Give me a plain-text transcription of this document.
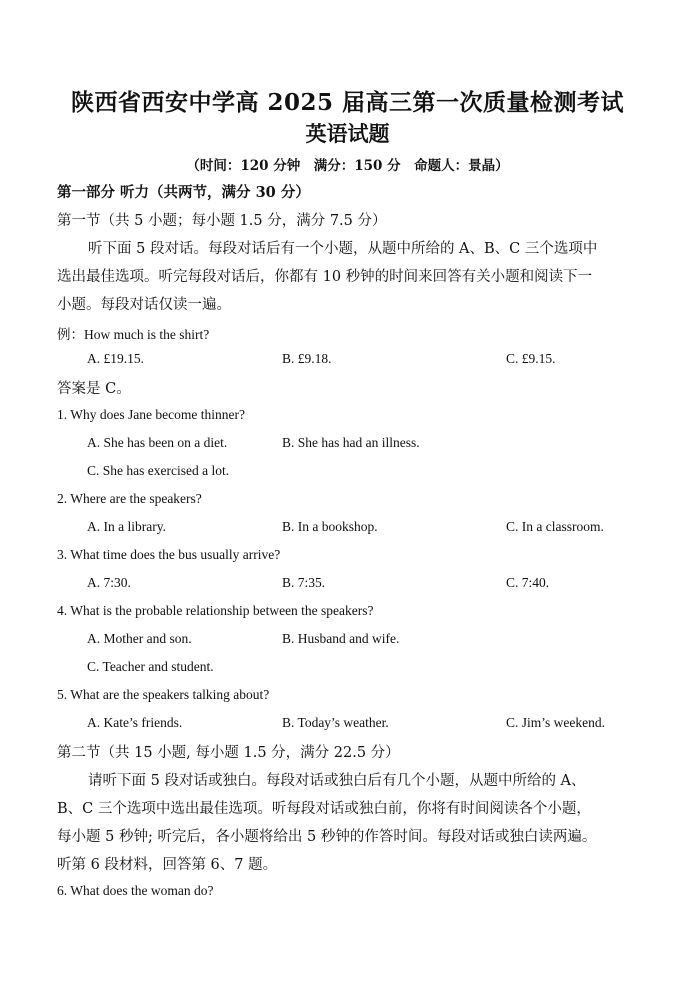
陕西省西安中学高 2025 届高三第一次质量检测考试
英语试题
（时间：120 分钟　满分：150 分　命题人：景晶）
第一部分 听力（共两节，满分 30 分）
第一节（共 5 小题；每小题 1.5 分，满分 7.5 分）
听下面 5 段对话。每段对话后有一个小题，从题中所给的 A、B、C 三个选项中
选出最佳选项。听完每段对话后，你都有 10 秒钟的时间来回答有关小题和阅读下一
小题。每段对话仅读一遍。
例：How much is the shirt?
A. £19.15.	B. £9.18.	C. £9.15.
答案是 C。
1. Why does Jane become thinner?
A. She has been on a diet.	B. She has had an illness.
C. She has exercised a lot.
2. Where are the speakers?
A. In a library.	B. In a bookshop.	C. In a classroom.
3. What time does the bus usually arrive?
A. 7:30.	B. 7:35.	C. 7:40.
4. What is the probable relationship between the speakers?
A. Mother and son.	B. Husband and wife.
C. Teacher and student.
5. What are the speakers talking about?
A. Kate’s friends.	B. Today’s weather.	C. Jim’s weekend.
第二节（共 15 小题, 每小题 1.5 分，满分 22.5 分）
请听下面 5 段对话或独白。每段对话或独白后有几个小题，从题中所给的 A、
B、C 三个选项中选出最佳选项。听每段对话或独白前，你将有时间阅读各个小题，
每小题 5 秒钟; 听完后，各小题将给出 5 秒钟的作答时间。每段对话或独白读两遍。
听第 6 段材料，回答第 6、7 题。
6. What does the woman do?
